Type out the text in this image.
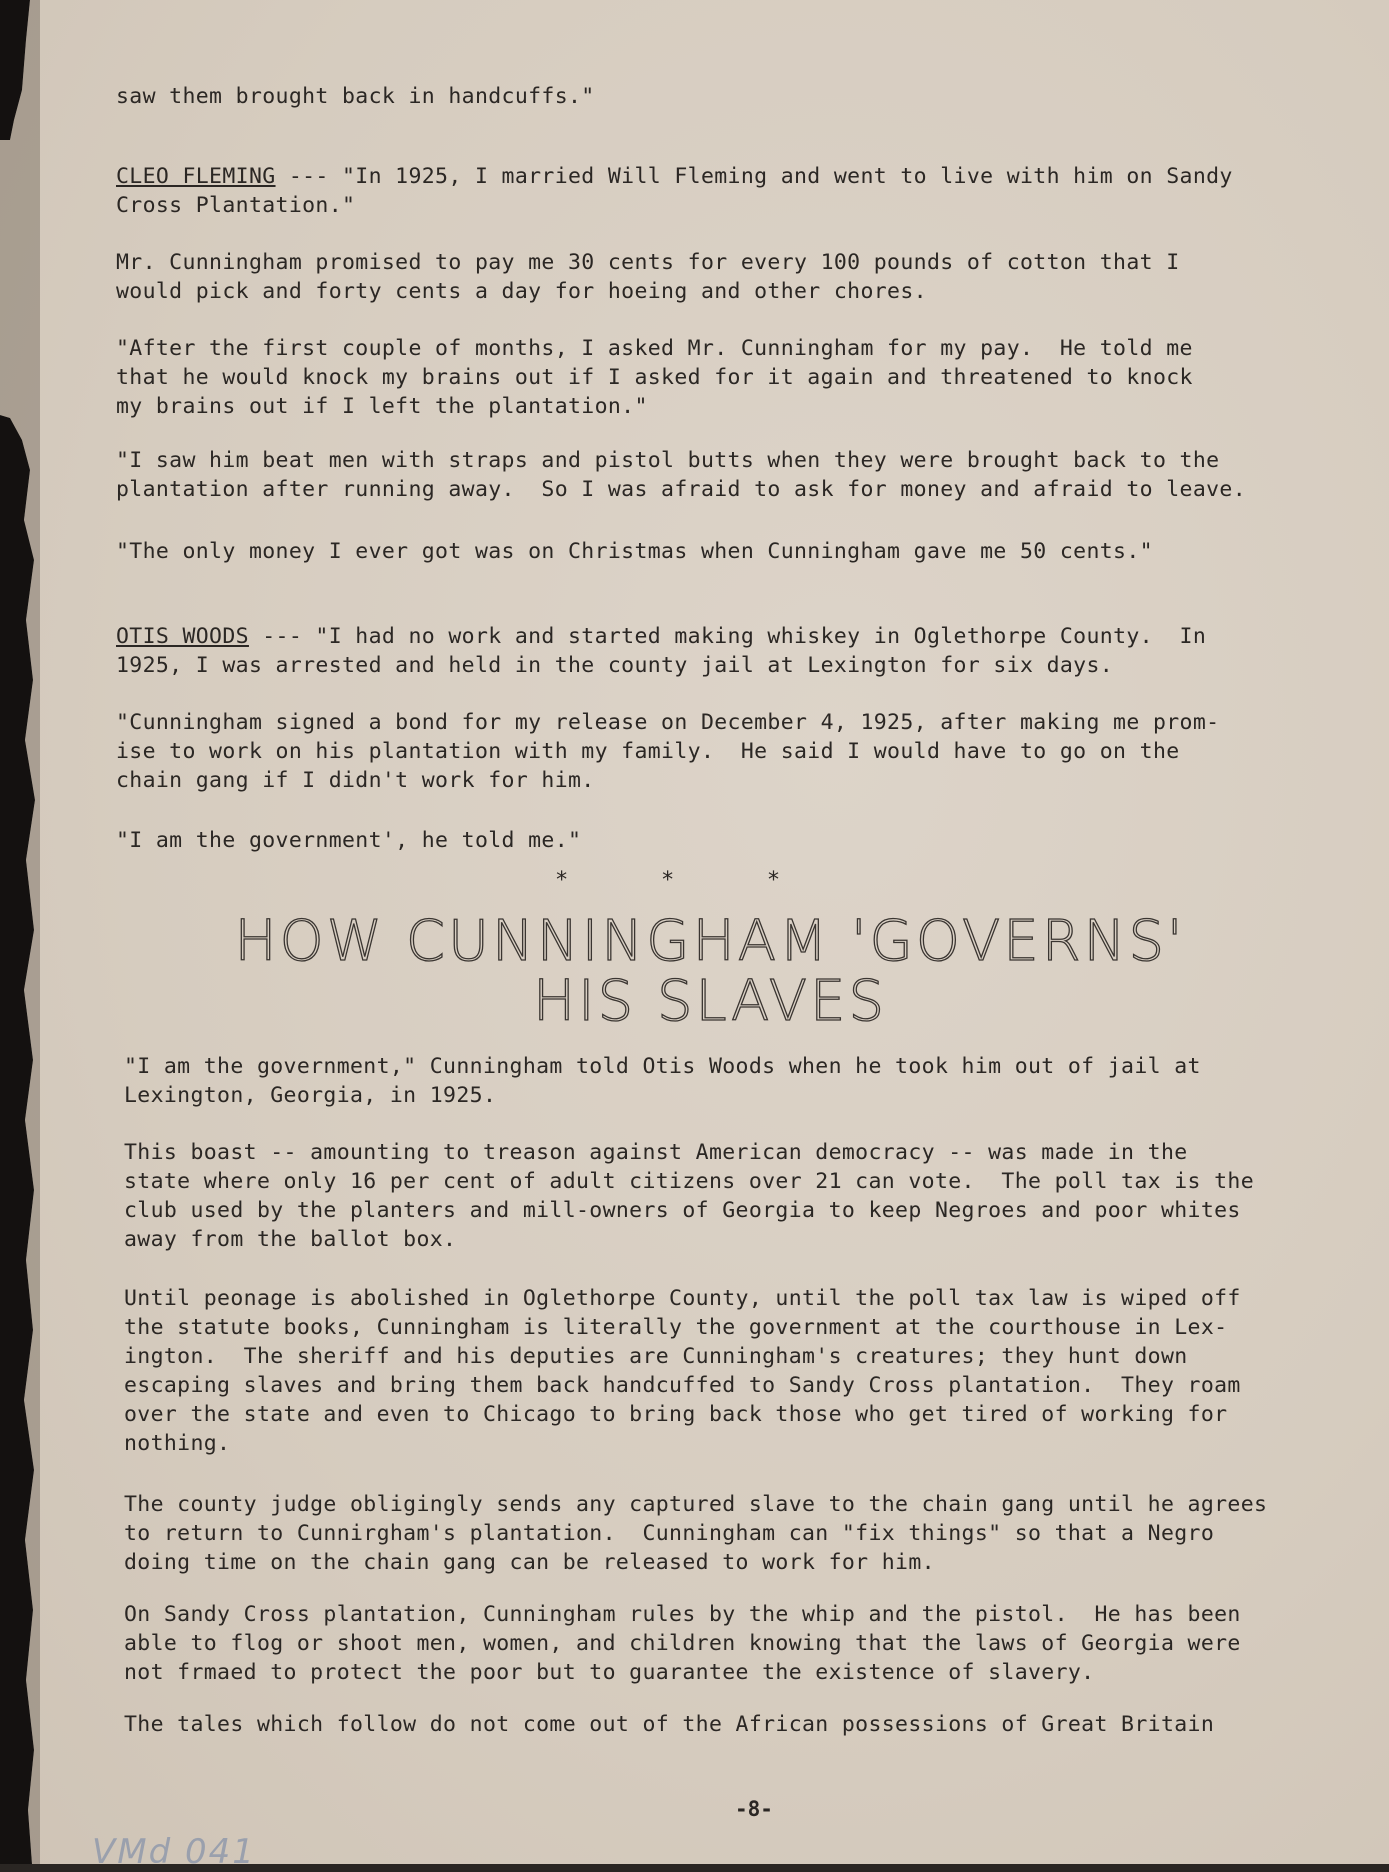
saw them brought back in handcuffs."

CLEO FLEMING --- "In 1925, I married Will Fleming and went to live with him on Sandy
Cross Plantation."

Mr. Cunningham promised to pay me 30 cents for every 100 pounds of cotton that I
would pick and forty cents a day for hoeing and other chores.

"After the first couple of months, I asked Mr. Cunningham for my pay.  He told me
that he would knock my brains out if I asked for it again and threatened to knock
my brains out if I left the plantation."

"I saw him beat men with straps and pistol butts when they were brought back to the
plantation after running away.  So I was afraid to ask for money and afraid to leave.

"The only money I ever got was on Christmas when Cunningham gave me 50 cents."

OTIS WOODS --- "I had no work and started making whiskey in Oglethorpe County.  In
1925, I was arrested and held in the county jail at Lexington for six days.

"Cunningham signed a bond for my release on December 4, 1925, after making me prom-
ise to work on his plantation with my family.  He said I would have to go on the
chain gang if I didn't work for him.

"I am the government', he told me."

*       *       *
HOW CUNNINGHAM 'GOVERNS'
HIS SLAVES

"I am the government," Cunningham told Otis Woods when he took him out of jail at
Lexington, Georgia, in 1925.

This boast -- amounting to treason against American democracy -- was made in the
state where only 16 per cent of adult citizens over 21 can vote.  The poll tax is the
club used by the planters and mill-owners of Georgia to keep Negroes and poor whites
away from the ballot box.

Until peonage is abolished in Oglethorpe County, until the poll tax law is wiped off
the statute books, Cunningham is literally the government at the courthouse in Lex-
ington.  The sheriff and his deputies are Cunningham's creatures; they hunt down
escaping slaves and bring them back handcuffed to Sandy Cross plantation.  They roam
over the state and even to Chicago to bring back those who get tired of working for
nothing.

The county judge obligingly sends any captured slave to the chain gang until he agrees
to return to Cunnirgham's plantation.  Cunningham can "fix things" so that a Negro
doing time on the chain gang can be released to work for him.

On Sandy Cross plantation, Cunningham rules by the whip and the pistol.  He has been
able to flog or shoot men, women, and children knowing that the laws of Georgia were
not frmaed to protect the poor but to guarantee the existence of slavery.

The tales which follow do not come out of the African possessions of Great Britain

-8-
VMd 041
